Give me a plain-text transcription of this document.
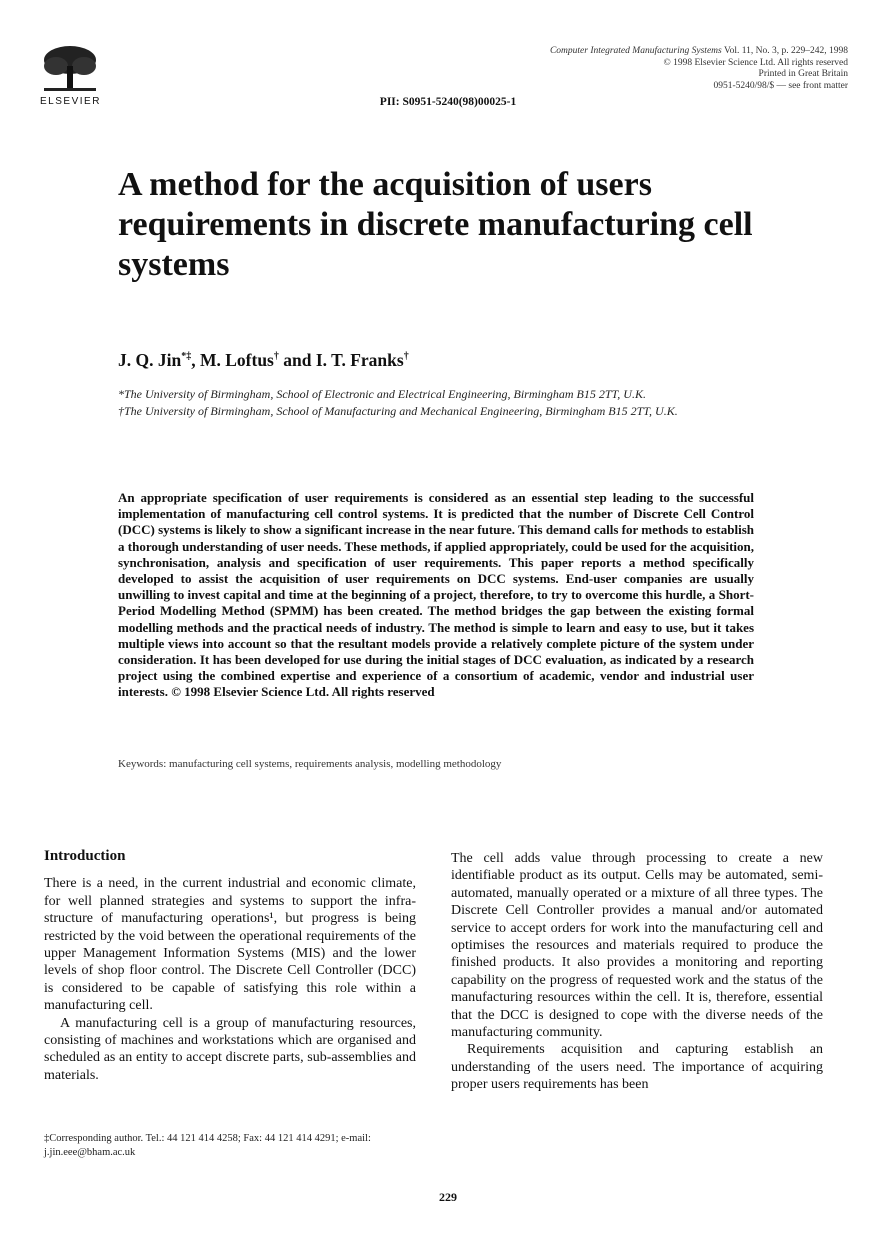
ELSEVIER
Computer Integrated Manufacturing Systems Vol. 11, No. 3, p. 229–242, 1998
© 1998 Elsevier Science Ltd. All rights reserved
Printed in Great Britain
0951-5240/98/$ — see front matter
PII: S0951-5240(98)00025-1
A method for the acquisition of users requirements in discrete manufacturing cell systems
J. Q. Jin*‡, M. Loftus† and I. T. Franks†

*The University of Birmingham, School of Electronic and Electrical Engineering, Birmingham B15 2TT, U.K.

†The University of Birmingham, School of Manufacturing and Mechanical Engineering, Birmingham B15 2TT, U.K.

An appropriate specification of user requirements is considered as an essential step leading to the successful implementation of manufacturing cell control systems. It is predicted that the number of Discrete Cell Control (DCC) systems is likely to show a significant increase in the near future. This demand calls for methods to establish a thorough understanding of user needs. These methods, if applied appropriately, could be used for the acquisition, synchronisation, analysis and specification of user requirements. This paper reports a method specifically developed to assist the acquisition of user requirements on DCC systems. End-user companies are usually unwilling to invest capital and time at the beginning of a project, therefore, to try to overcome this hurdle, a Short-Period Modelling Method (SPMM) has been created. The method bridges the gap between the existing formal modelling methods and the practical needs of industry. The method is simple to learn and easy to use, but it takes multiple views into account so that the resultant models provide a relatively complete picture of the system under consideration. It has been developed for use during the initial stages of DCC evaluation, as indicated by a research project using the combined expertise and experience of a consortium of academic, vendor and industrial user interests. © 1998 Elsevier Science Ltd. All rights reserved
Keywords: manufacturing cell systems, requirements analysis, modelling methodology
Introduction

There is a need, in the current industrial and economic climate, for well planned strategies and systems to support the infra-structure of manufacturing operations¹, but progress is being restricted by the void between the operational requirements of the upper Management Information Systems (MIS) and the lower levels of shop floor control. The Discrete Cell Controller (DCC) is considered to be capable of satisfying this role within a manufacturing cell.

A manufacturing cell is a group of manufacturing resources, consisting of machines and workstations which are organised and scheduled as an entity to accept discrete parts, sub-assemblies and materials.

The cell adds value through processing to create a new identifiable product as its output. Cells may be automated, semi-automated, manually operated or a mixture of all three types. The Discrete Cell Controller provides a manual and/or automated service to accept orders for work into the manufacturing cell and optimises the resources and materials required to produce the finished products. It also provides a monitoring and reporting capability on the progress of requested work and the status of the manufacturing resources within the cell. It is, therefore, essential that the DCC is designed to cope with the diverse needs of the manufacturing community.

Requirements acquisition and capturing establish an understanding of the users need. The importance of acquiring proper users requirements has been

‡Corresponding author. Tel.: 44 121 414 4258; Fax: 44 121 414 4291; e-mail: j.jin.eee@bham.ac.uk
229
